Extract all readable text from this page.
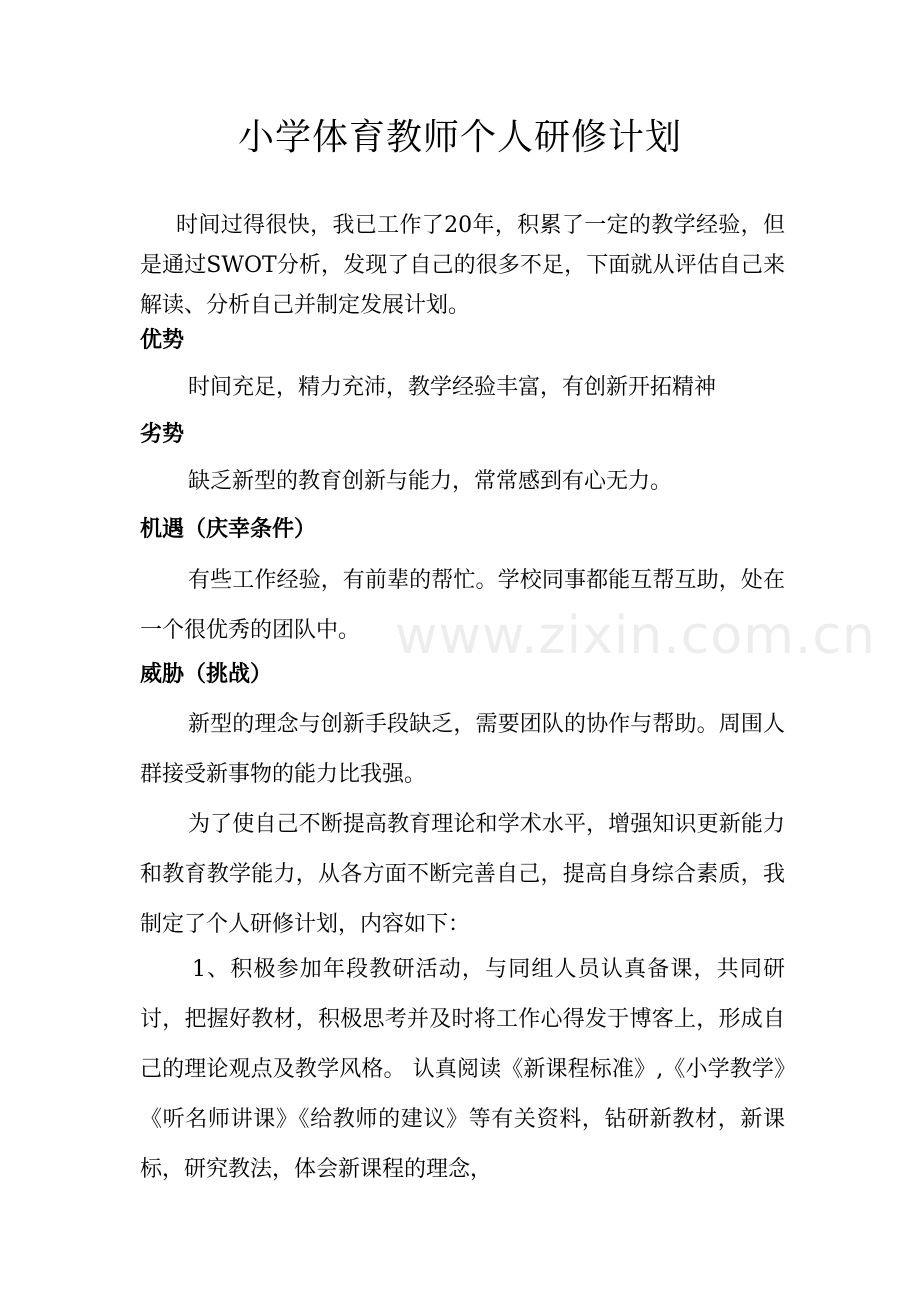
小学体育教师个人研修计划

时间过得很快，我已工作了20年，积累了一定的教学经验，但是通过SWOT分析，发现了自己的很多不足，下面就从评估自己来解读、分析自己并制定发展计划。

优势

时间充足，精力充沛，教学经验丰富，有创新开拓精神

劣势

缺乏新型的教育创新与能力，常常感到有心无力。

机遇（庆幸条件）

有些工作经验，有前辈的帮忙。学校同事都能互帮互助，处在一个很优秀的团队中。 www.zixin.com.cn

威胁（挑战）

新型的理念与创新手段缺乏，需要团队的协作与帮助。周围人群接受新事物的能力比我强。

为了使自己不断提高教育理论和学术水平，增强知识更新能力和教育教学能力，从各方面不断完善自己，提高自身综合素质，我制定了个人研修计划，内容如下：

1、积极参加年段教研活动，与同组人员认真备课，共同研讨，把握好教材，积极思考并及时将工作心得发于博客上，形成自己的理论观点及教学风格。 认真阅读《新课程标准》,《小学教学》《听名师讲课》《给教师的建议》等有关资料，钻研新教材，新课标，研究教法，体会新课程的理念，
